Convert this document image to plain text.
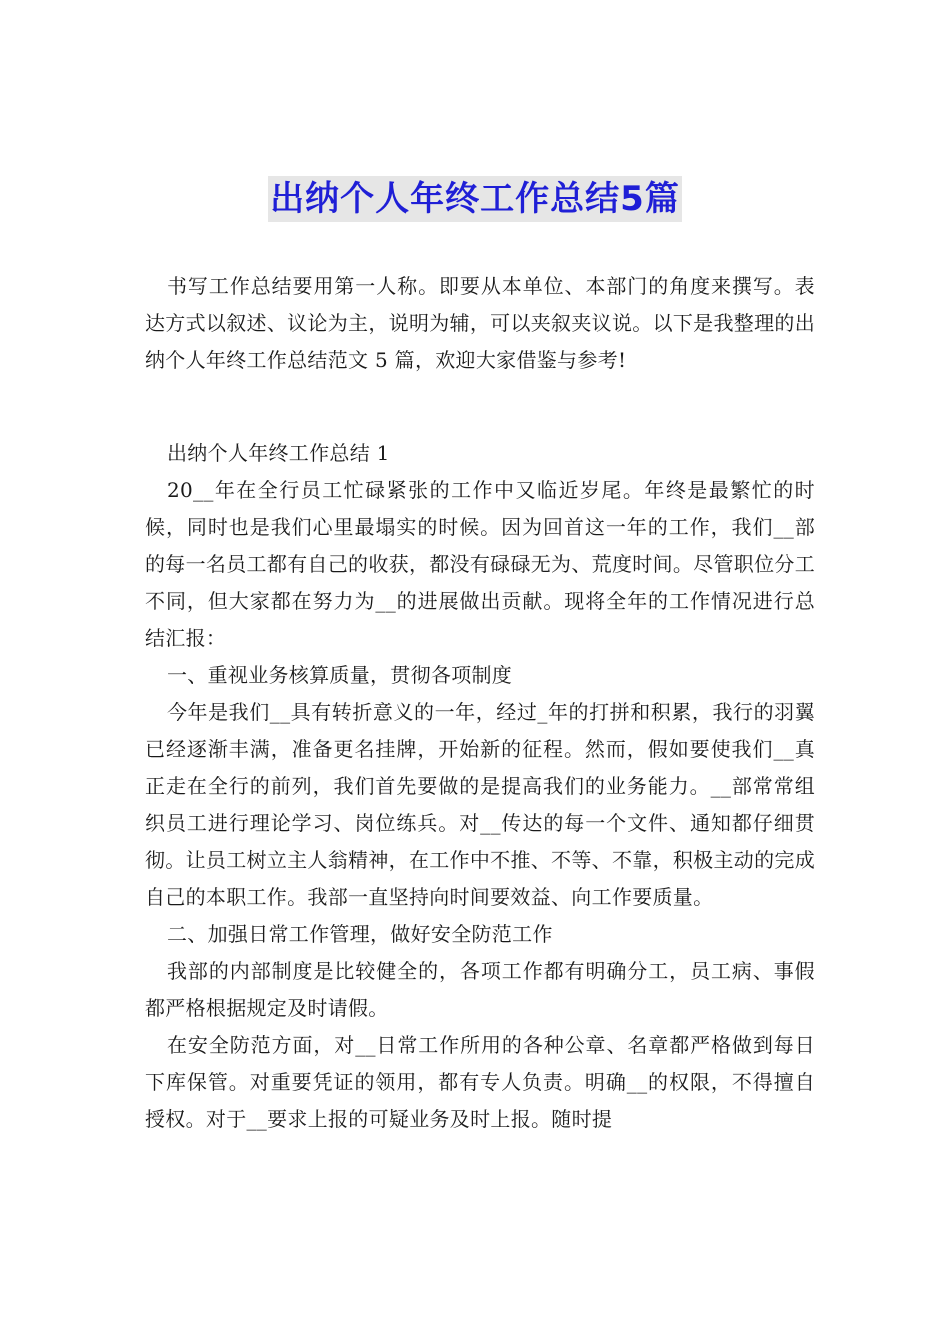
出纳个人年终工作总结5篇

书写工作总结要用第一人称。即要从本单位、本部门的角度来撰写。表达方式以叙述、议论为主，说明为辅，可以夹叙夹议说。以下是我整理的出纳个人年终工作总结范文 5 篇，欢迎大家借鉴与参考!

出纳个人年终工作总结 1

20__年在全行员工忙碌紧张的工作中又临近岁尾。年终是最繁忙的时候，同时也是我们心里最塌实的时候。因为回首这一年的工作，我们__部的每一名员工都有自己的收获，都没有碌碌无为、荒度时间。尽管职位分工不同，但大家都在努力为__的进展做出贡献。现将全年的工作情况进行总结汇报：

一、重视业务核算质量，贯彻各项制度

今年是我们__具有转折意义的一年，经过_年的打拼和积累，我行的羽翼已经逐渐丰满，准备更名挂牌，开始新的征程。然而，假如要使我们__真正走在全行的前列，我们首先要做的是提高我们的业务能力。__部常常组织员工进行理论学习、岗位练兵。对__传达的每一个文件、通知都仔细贯彻。让员工树立主人翁精神，在工作中不推、不等、不靠，积极主动的完成自己的本职工作。我部一直坚持向时间要效益、向工作要质量。

二、加强日常工作管理，做好安全防范工作

我部的内部制度是比较健全的，各项工作都有明确分工，员工病、事假都严格根据规定及时请假。

在安全防范方面，对__日常工作所用的各种公章、名章都严格做到每日下库保管。对重要凭证的领用，都有专人负责。明确__的权限，不得擅自授权。对于__要求上报的可疑业务及时上报。随时提
